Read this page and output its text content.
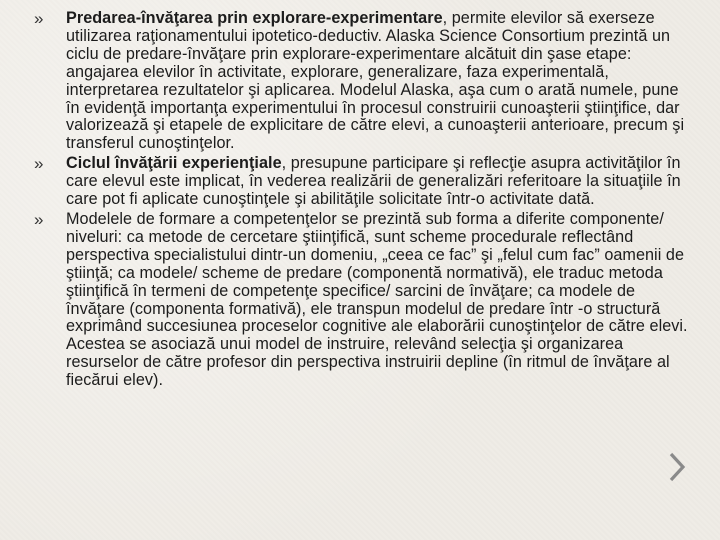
»	Predarea-învăţarea prin explorare-experimentare, permite elevilor să exerseze utilizarea raţionamentului ipotetico-deductiv. Alaska Science Consortium prezintă un ciclu de predare-învăţare prin explorare-experimentare alcătuit din şase etape: angajarea elevilor în activitate, explorare, generalizare, faza experimentală, interpretarea rezultatelor şi aplicarea. Modelul Alaska, aşa cum o arată numele, pune în evidenţă importanţa experimentului în procesul construirii cunoaşterii ştiinţifice, dar valorizează şi etapele de explicitare de către elevi, a cunoaşterii anterioare, precum şi transferul cunoştinţelor.
»	Ciclul învăţării experienţiale, presupune participare şi reflecţie asupra activităţilor în care elevul este implicat, în vederea realizării de generalizări referitoare la situaţiile în care pot fi aplicate cunoştinţele şi abilităţile solicitate într-o activitate dată.
»	Modelele de formare a competenţelor se prezintă sub forma a diferite componente/ niveluri: ca metode de cercetare ştiinţifică, sunt scheme procedurale reflectând perspectiva specialistului dintr-un domeniu, „ceea ce fac” şi „felul cum fac” oamenii de ştiinţă; ca modele/ scheme de predare (componentă normativă), ele traduc metoda ştiinţifică în termeni de competenţe specifice/ sarcini de învăţare; ca modele de învăţare (componenta formativă), ele transpun modelul de predare într -o structură exprimând succesiunea proceselor cognitive ale elaborării cunoştinţelor de către elevi. Acestea se asociază unui model de instruire, relevând selecţia şi organizarea resurselor de către profesor din perspectiva instruirii depline (în ritmul de învăţare al fiecărui elev).
